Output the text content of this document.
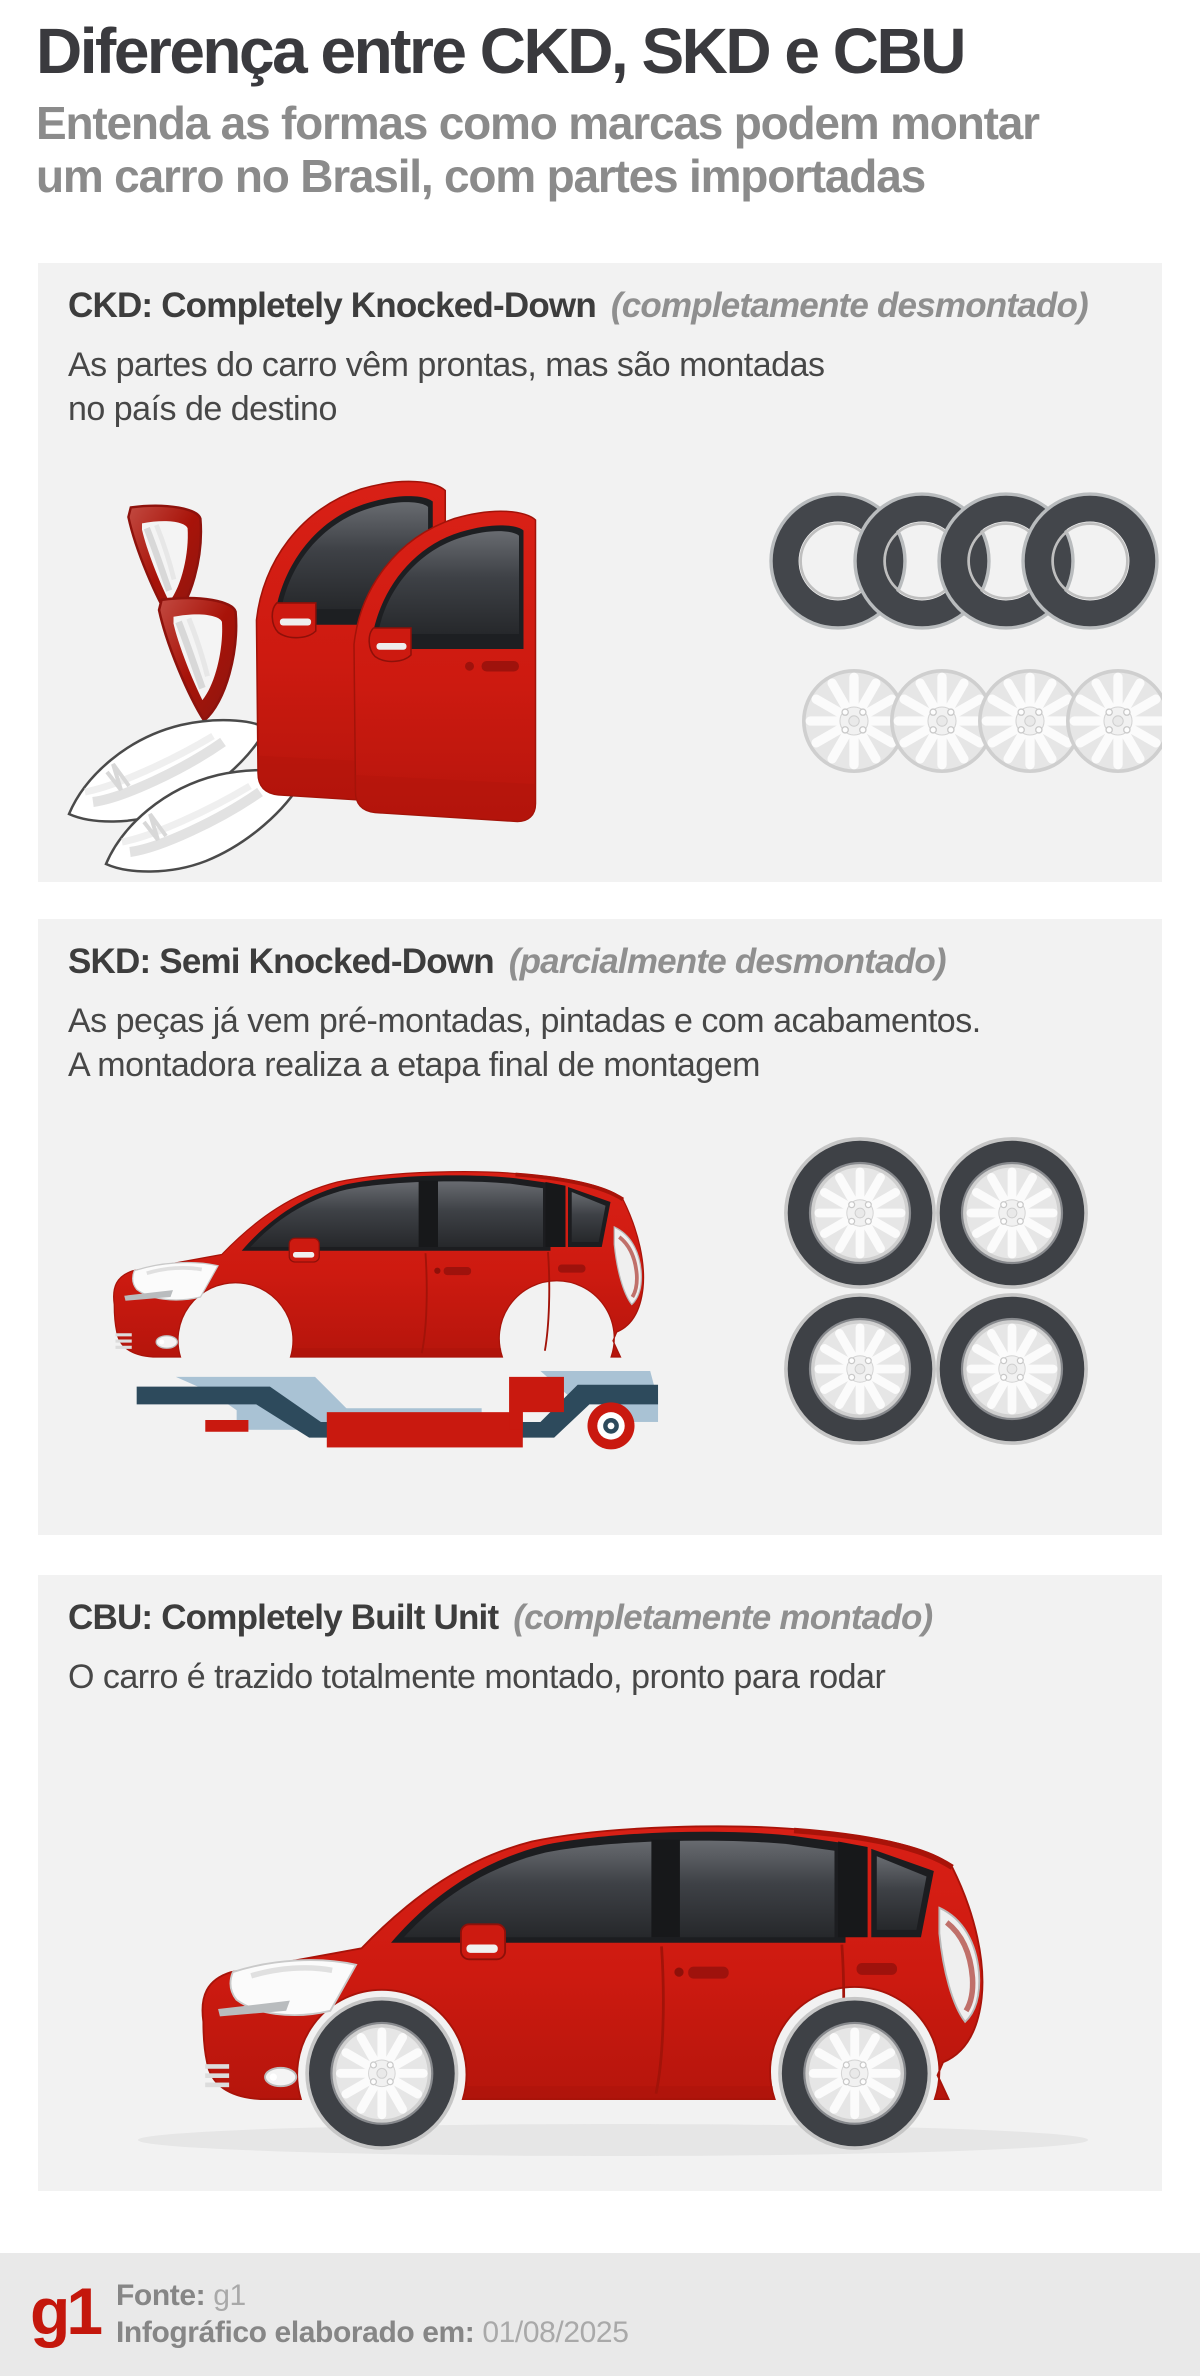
Diferença entre CKD, SKD e CBU
Entenda as formas como marcas podem montar
um carro no Brasil, com partes importadas
CKD: Completely Knocked-Down (completamente desmontado)
As partes do carro vêm prontas, mas são montadas
no país de destino
SKD: Semi Knocked-Down (parcialmente desmontado)
As peças já vem pré-montadas, pintadas e com acabamentos.
A montadora realiza a etapa final de montagem
CBU: Completely Built Unit (completamente montado)
O carro é trazido totalmente montado, pronto para rodar
g1 Fonte: g1
Infográfico elaborado em: 01/08/2025
